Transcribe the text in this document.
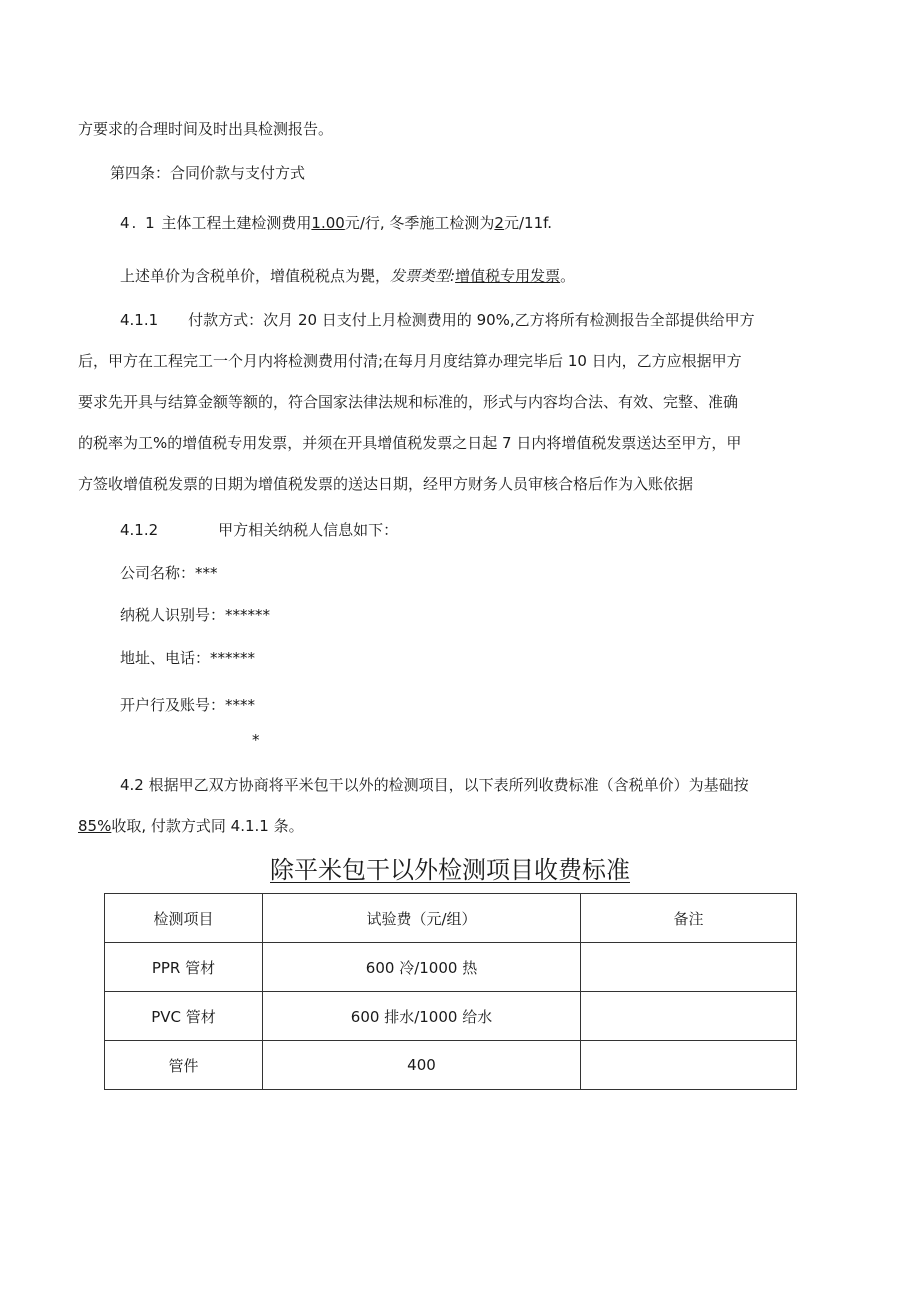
方要求的合理时间及时出具检测报告。
第四条：合同价款与支付方式
4. 1 主体工程土建检测费用1.00元/行, 冬季施工检测为2元/11f.
上述单价为含税单价，增值税税点为甖，发票类型:增值税专用发票。
4.1.1 付款方式：次月 20 日支付上月检测费用的 90%,乙方将所有检测报告全部提供给甲方
后，甲方在工程完工一个月内将检测费用付清;在每月月度结算办理完毕后 10 日内，乙方应根据甲方
要求先开具与结算金额等额的，符合国家法律法规和标准的，形式与内容均合法、有效、完整、准确
的税率为工%的增值税专用发票，并须在开具增值税发票之日起 7 日内将增值税发票送达至甲方，甲
方签收增值税发票的日期为增值税发票的送达日期，经甲方财务人员审核合格后作为入账依据
4.1.2	甲方相关纳税人信息如下：
公司名称：***
纳税人识别号：******
地址、电话：******
开户行及账号：****
*
4.2 根据甲乙双方协商将平米包干以外的检测项目，以下表所列收费标准（含税单价）为基础按
85%收取, 付款方式同 4.1.1 条。
除平米包干以外检测项目收费标准
检测项目	试验费（元/组）	备注
PPR 管材	600 冷/1000 热	
PVC 管材	600 排水/1000 给水	
管件	400	
